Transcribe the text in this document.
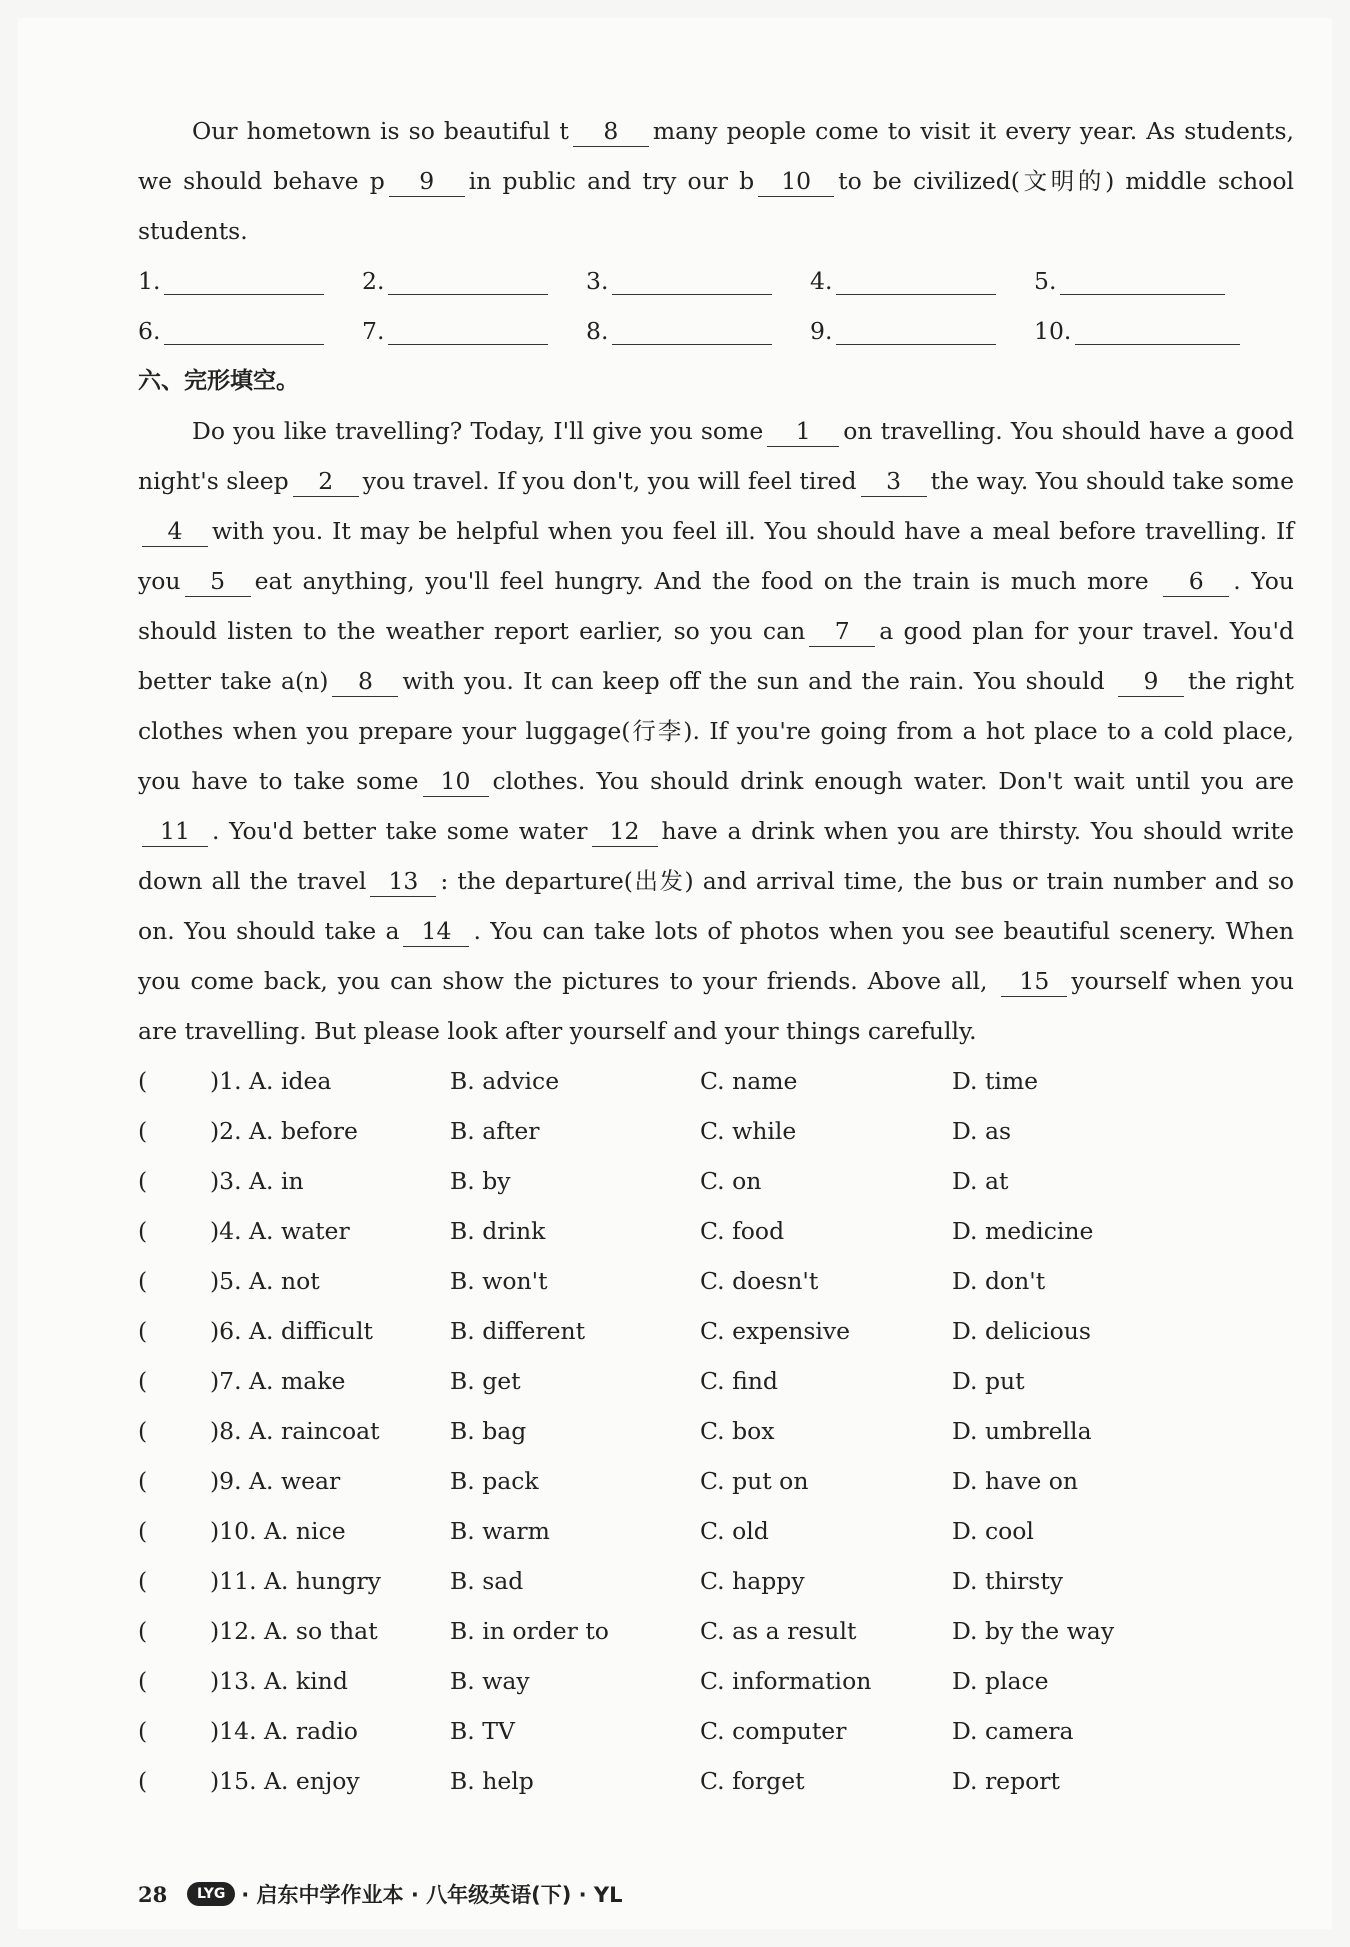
Our hometown is so beautiful t 8 many people come to visit it every year. As students, we should behave p 9 in public and try our b 10 to be civilized(文明的) middle school students.

1.	2.	3.	4.	5.
6.	7.	8.	9.	10.
六、完形填空。

Do you like travelling? Today, I'll give you some 1 on travelling. You should have a good night's sleep 2 you travel. If you don't, you will feel tired 3 the way. You should take some4 with you. It may be helpful when you feel ill. You should have a meal before travelling. If you 5 eat anything, you'll feel hungry. And the food on the train is much more 6 . You should listen to the weather report earlier, so you can 7 a good plan for your travel. You'd better take a(n) 8 with you. It can keep off the sun and the rain. You should 9 the right clothes when you prepare your luggage(行李). If you're going from a hot place to a cold place, you have to take some 10 clothes. You should drink enough water. Don't wait until you are11 . You'd better take some water 12 have a drink when you are thirsty. You should write down all the travel 13 : the departure(出发) and arrival time, the bus or train number and so on. You should take a 14 . You can take lots of photos when you see beautiful scenery. When you come back, you can show the pictures to your friends. Above all, 15 yourself when you are travelling. But please look after yourself and your things carefully.

(	)1. A. idea	B. advice	C. name	D. time
(	)2. A. before	B. after	C. while	D. as
(	)3. A. in	B. by	C. on	D. at
(	)4. A. water	B. drink	C. food	D. medicine
(	)5. A. not	B. won't	C. doesn't	D. don't
(	)6. A. difficult	B. different	C. expensive	D. delicious
(	)7. A. make	B. get	C. find	D. put
(	)8. A. raincoat	B. bag	C. box	D. umbrella
(	)9. A. wear	B. pack	C. put on	D. have on
(	)10. A. nice	B. warm	C. old	D. cool
(	)11. A. hungry	B. sad	C. happy	D. thirsty
(	)12. A. so that	B. in order to	C. as a result	D. by the way
(	)13. A. kind	B. way	C. information	D. place
(	)14. A. radio	B. TV	C. computer	D. camera
(	)15. A. enjoy	B. help	C. forget	D. report
28	LYG · 启东中学作业本 · 八年级英语(下) · YL
